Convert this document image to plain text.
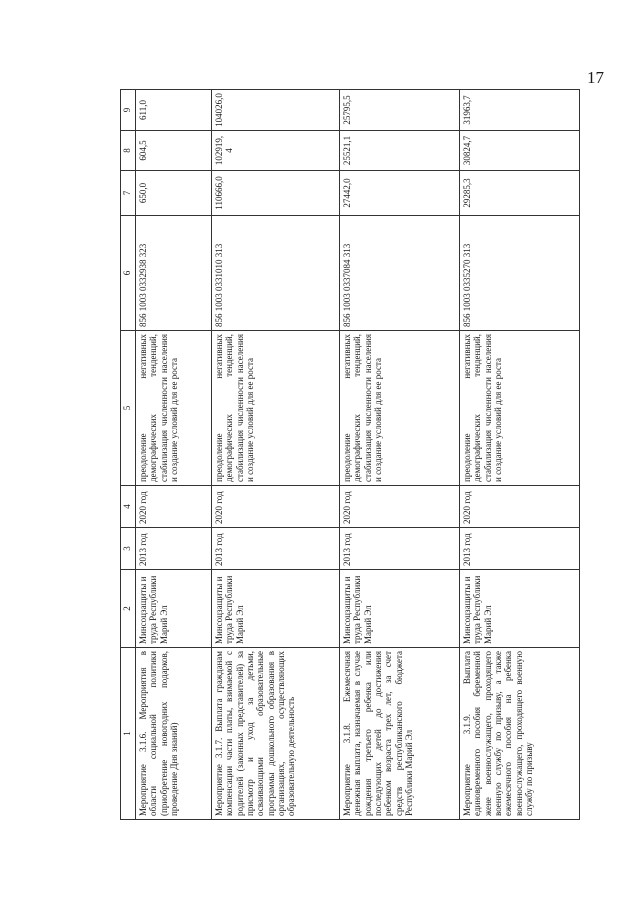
17
1	2	3	4	5	6	7	8	9
Мероприятие 3.1.6. Мероприятия в области социальной политики (приобретение новогодних подарков, проведение Дня знаний)	Минсоцзащиты и труда Республики Марий Эл	2013 год	2020 год	преодоление негативных демографических тенденций, стабилизация численности населения и создание условий для ее роста	856 1003 0332938 323	650,0	604,5	611,0
Мероприятие 3.1.7. Выплата гражданам компенсации части платы, взимаемой с родителей (законных представителей) за присмотр и уход за детьми, осваивающими образовательные программы дошкольного образования в организациях, осуществляющих образовательную деятельность	Минсоцзащиты и труда Республики Марий Эл	2013 год	2020 год	преодоление негативных демографических тенденций, стабилизация численности населения и создание условий для ее роста	856 1003 0331010 313	110666,0	102919,4	104026,0
Мероприятие 3.1.8. Ежемесячная денежная выплата, назначаемая в случае рождения третьего ребенка или последующих детей до достижения ребенком возраста трех лет, за счет средств республиканского бюджета Республики Марий Эл	Минсоцзащиты и труда Республики Марий Эл	2013 год	2020 год	преодоление негативных демографических тенденций, стабилизация численности населения и создание условий для ее роста	856 1003 0337084 313	27442,0	25521,1	25795,5
Мероприятие 3.1.9. Выплата единовременного пособия беременной жене военнослужащего, проходящего военную службу по призыву, а также ежемесячного пособия на ребенка военнослужащего, проходящего военную службу по призыву	Минсоцзащиты и труда Республики Марий Эл	2013 год	2020 год	преодоление негативных демографических тенденций, стабилизация численности населения и создание условий для ее роста	856 1003 0335270 313	29285,3	30824,7	31963,7
